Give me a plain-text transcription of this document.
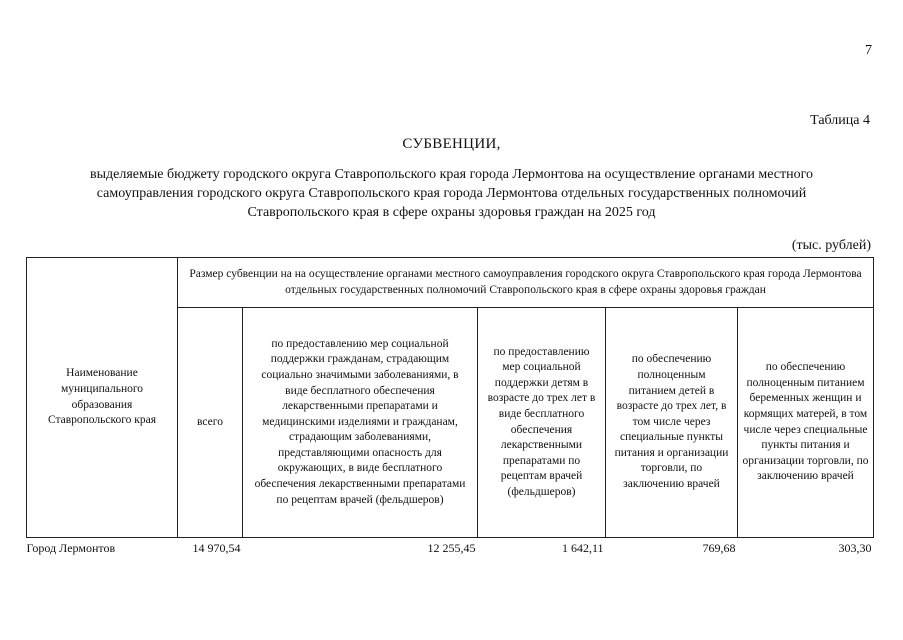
7
Таблица 4
СУБВЕНЦИИ,
выделяемые бюджету городского округа Ставропольского края города Лермонтова на осуществление органами местного
самоуправления городского округа Ставропольского края города Лермонтова отдельных государственных полномочий
Ставропольского края в сфере охраны здоровья граждан на 2025 год
(тыс. рублей)
Наименование муниципального образования Ставропольского края	Размер субвенции на на осуществление органами местного самоуправления городского округа Ставропольского края города Лермонтова отдельных государственных полномочий Ставропольского края в сфере охраны здоровья граждан				
	всего	по предоставлению мер социальной поддержки гражданам, страдающим социально значимыми заболеваниями, в виде бесплатного обеспечения лекарственными препаратами и медицинскими изделиями и гражданам, страдающим заболеваниями, представляющими опасность для окружающих, в виде бесплатного обеспечения лекарственными препаратами по рецептам врачей (фельдшеров)	по предоставлению мер социальной поддержки детям в возрасте до трех лет в виде бесплатного обеспечения лекарственными препаратами по рецептам врачей (фельдшеров)	по обеспечению полноценным питанием детей в возрасте до трех лет, в том числе через специальные пункты питания и организации торговли, по заключению врачей	по обеспечению полноценным питанием беременных женщин и кормящих матерей, в том числе через специальные пункты питания и организации торговли, по заключению врачей
Город Лермонтов	14 970,54	12 255,45	1 642,11	769,68	303,30
